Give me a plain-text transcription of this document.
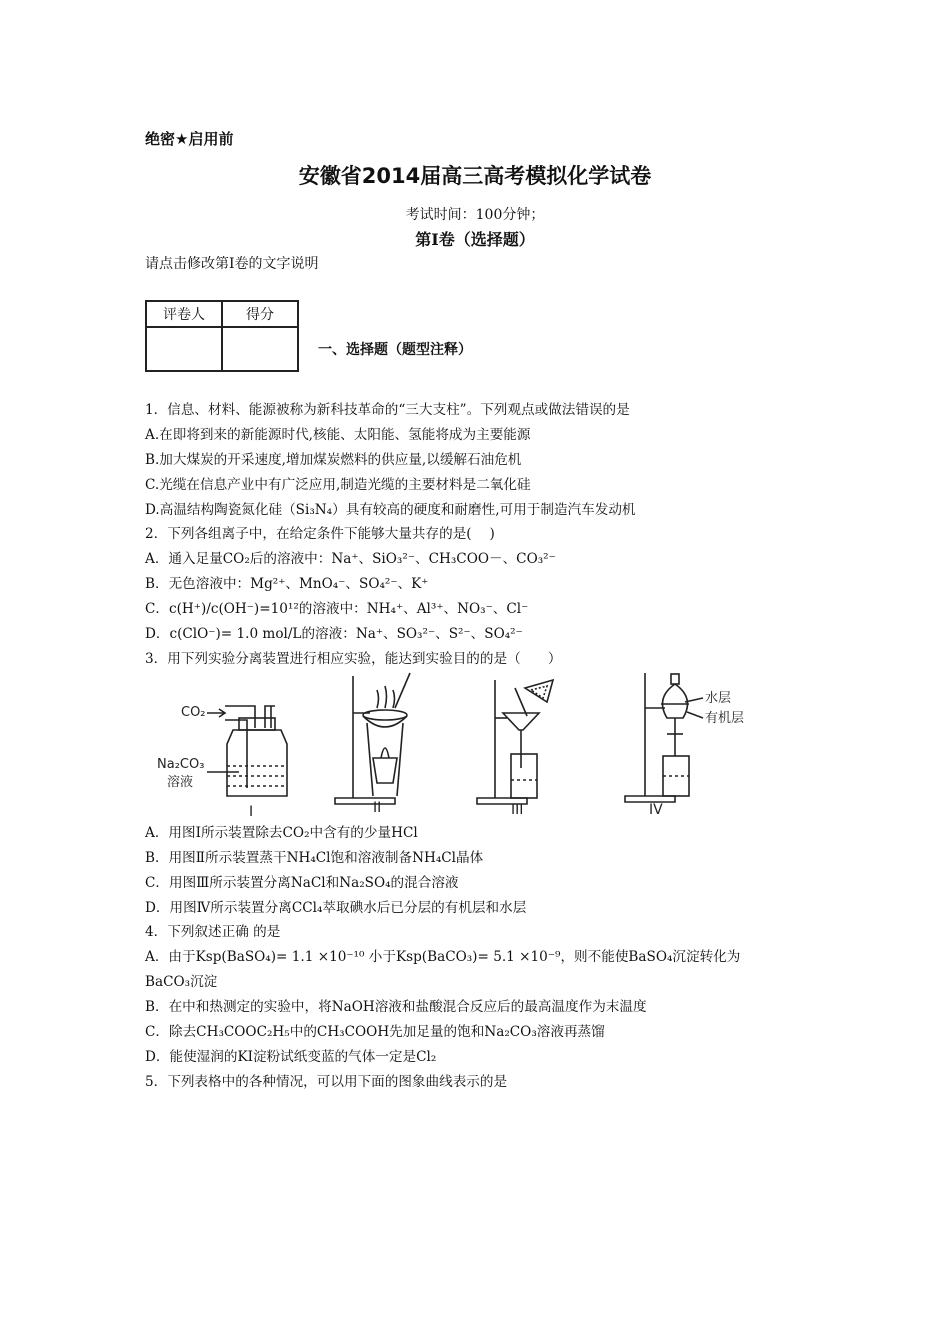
绝密★启用前
安徽省2014届高三高考模拟化学试卷
考试时间：100分钟；
第I卷（选择题）
请点击修改第I卷的文字说明
评卷人	得分

一、选择题（题型注释）
1．信息、材料、能源被称为新科技革命的“三大支柱”。下列观点或做法错误的是
A.在即将到来的新能源时代,核能、太阳能、氢能将成为主要能源
B.加大煤炭的开采速度,增加煤炭燃料的供应量,以缓解石油危机
C.光缆在信息产业中有广泛应用,制造光缆的主要材料是二氧化硅
D.高温结构陶瓷氮化硅（Si₃N₄）具有较高的硬度和耐磨性,可用于制造汽车发动机
2．下列各组离子中，在给定条件下能够大量共存的是(　 )
A．通入足量CO₂后的溶液中：Na⁺、SiO₃²⁻、CH₃COO－、CO₃²⁻
B．无色溶液中：Mg²⁺、MnO₄⁻、SO₄²⁻、K⁺
C．c(H⁺)/c(OH⁻)=10¹²的溶液中：NH₄⁺、Al³⁺、NO₃⁻、Cl⁻
D．c(ClO⁻)= 1.0 mol/L的溶液：Na⁺、SO₃²⁻、S²⁻、SO₄²⁻
3．用下列实验分离装置进行相应实验，能达到实验目的的是（　　）
CO₂
Na₂CO₃
溶液
I	II	III
水层
有机层
IV
A．用图Ⅰ所示装置除去CO₂中含有的少量HCl
B．用图Ⅱ所示装置蒸干NH₄Cl饱和溶液制备NH₄Cl晶体
C．用图Ⅲ所示装置分离NaCl和Na₂SO₄的混合溶液
D．用图Ⅳ所示装置分离CCl₄萃取碘水后已分层的有机层和水层
4．下列叙述正确 的是
A．由于Ksp(BaSO₄)= 1.1 ×10⁻¹⁰ 小于Ksp(BaCO₃)= 5.1 ×10⁻⁹，则不能使BaSO₄沉淀转化为
BaCO₃沉淀
B．在中和热测定的实验中，将NaOH溶液和盐酸混合反应后的最高温度作为末温度
C．除去CH₃COOC₂H₅中的CH₃COOH先加足量的饱和Na₂CO₃溶液再蒸馏
D．能使湿润的KI淀粉试纸变蓝的气体一定是Cl₂
5．下列表格中的各种情况，可以用下面的图象曲线表示的是
